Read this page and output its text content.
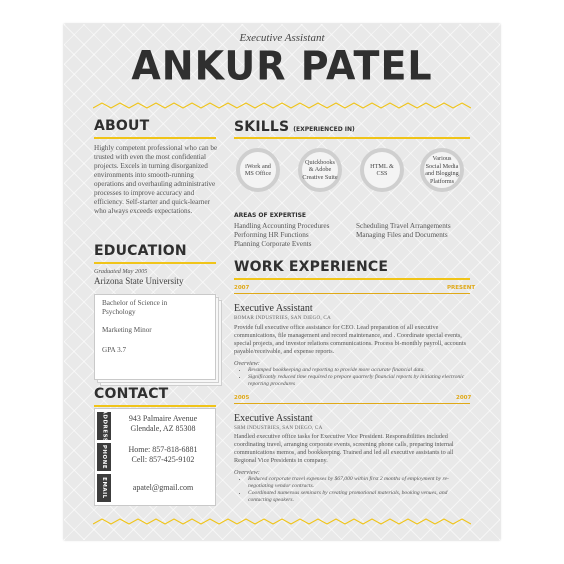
Executive Assistant
ANKUR PATEL
ABOUT
Highly competent professional who can be trusted with even the most confidential projects. Excels in turning disorganized environments into smooth-running operations and overhauling administrative processes to improve accuracy and efficiency. Self-starter and quick-learner who always exceeds expectations.
EDUCATION
Graduated May 2005
Arizona State University
Bachelor of Science in Psychology
Marketing Minor
GPA 3.7
CONTACT
ADDRESS	943 Palmaire Avenue
Glendale, AZ 85308
PHONE	Home: 857-818-6881
Cell: 857-425-9102
EMAIL	apatel@gmail.com
SKILLS (EXPERIENCED IN)
iWork and
MS Office
Quickbooks
& Adobe
Creative Suite
HTML &
CSS
Various
Social Media
and Blogging
Platforms
AREAS OF EXPERTISE
Handling Accounting Procedures
Performing HR Functions
Planning Corporate Events
Scheduling Travel Arrangements
Managing Files and Documents
WORK EXPERIENCE
2007	PRESENT
Executive Assistant
BOMAR INDUSTRIES, SAN DIEGO, CA
Provide full executive office assistance for CEO. Lead preparation of all executive communications, file management and record maintenance, and . Coordinate special events, special projects, and investor relations communications. Process bi-monthly payroll, accounts payable/receivable, and expense reports.
Overview:
• Revamped bookkeeping and reporting to provide more accurate financial data.
• Significantly reduced time required to prepare quarterly financial reports by initiating electronic reporting procedures
2005	2007
Executive Assistant
SRM INDUSTRIES, SAN DIEGO, CA
Handled executive office tasks for Executive Vice President. Responsibilities included coordinating travel, arranging corporate events, screening phone calls, preparing internal communications memos, and bookkeeping. Trained and led all executive assistants to all Regional Vice Presidents in company.
Overview:
• Reduced corporate travel expenses by $67,000 within first 2 months of employment by re-negotiating vendor contracts.
• Coordinated numerous seminars by creating promotional materials, booking venues, and contacting speakers.
